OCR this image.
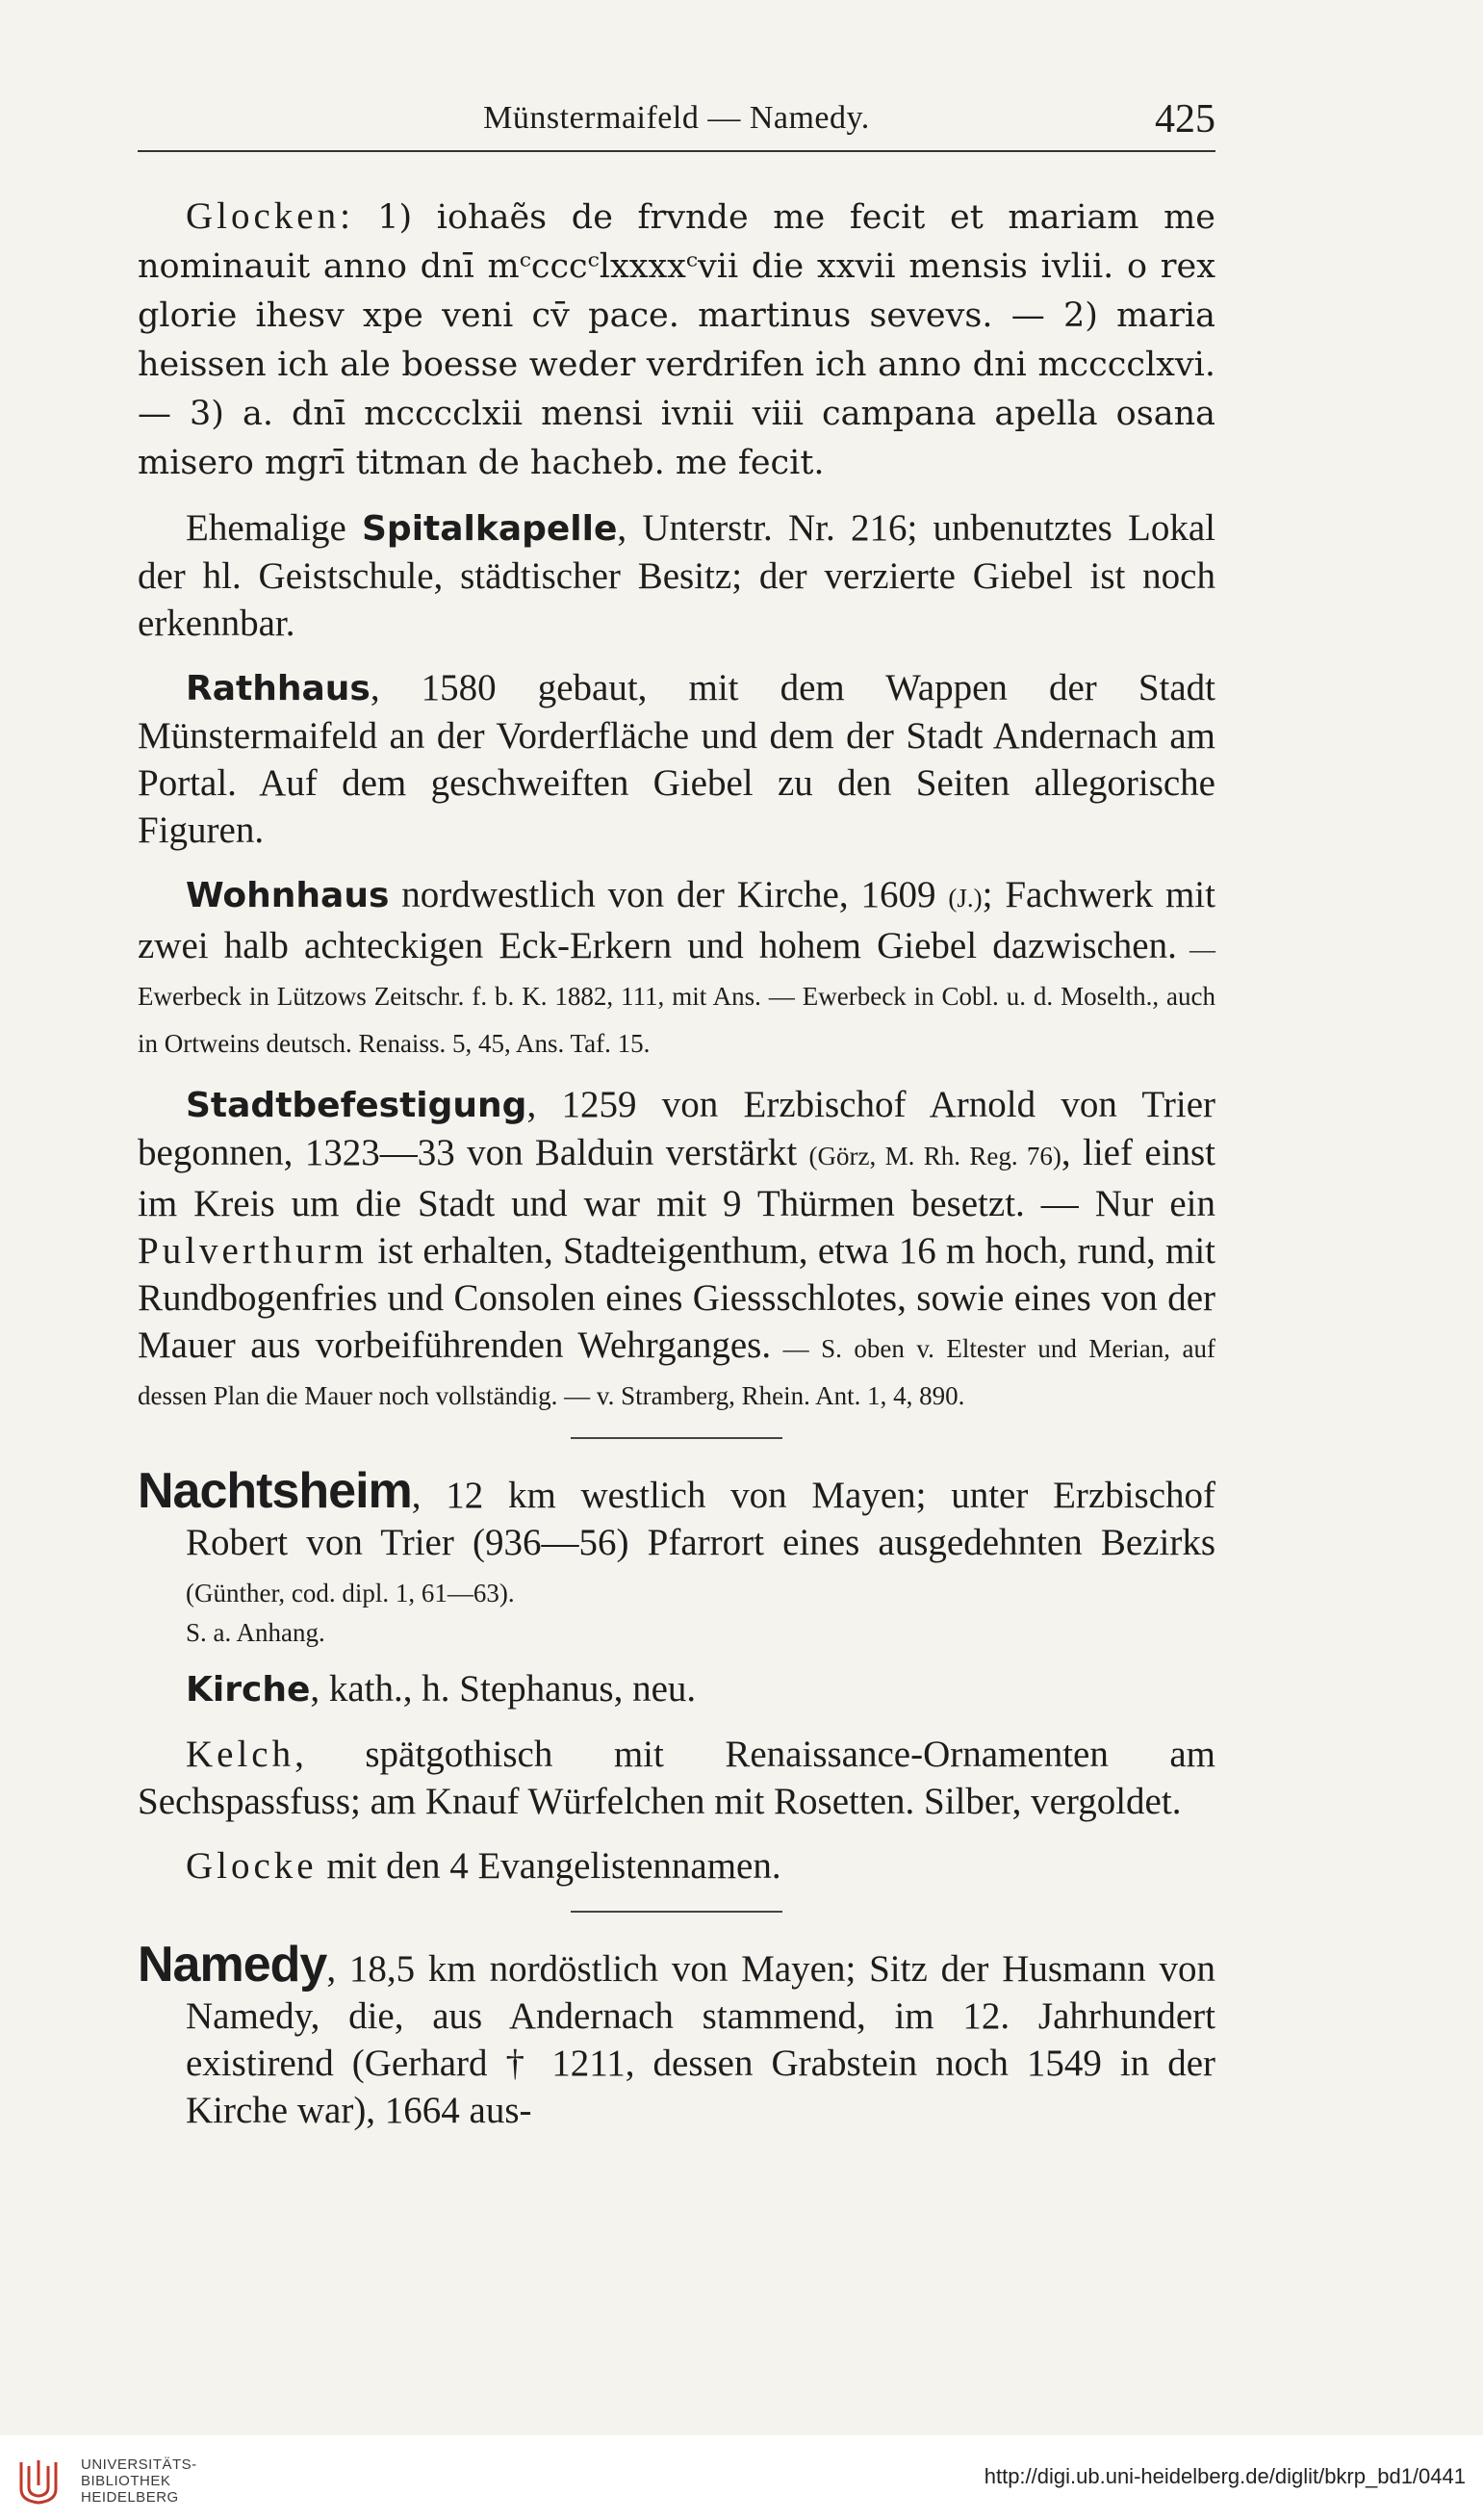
Münstermaifeld — Namedy.	425

Glocken: 1) iohaẽs de frvnde me fecit et mariam me nominauit anno dnī mᶜcccᶜlxxxxᶜvii die xxvii mensis ivlii. o rex glorie ihesv xpe veni cv̄ pace. martinus sevevs. — 2) maria heissen ich ale boesse weder verdrifen ich anno dni mcccclxvi. — 3) a. dnī mcccclxii mensi ivnii viii campana apella osana misero mgrī titman de hacheb. me fecit.

Ehemalige Spitalkapelle, Unterstr. Nr. 216; unbenutztes Lokal der hl. Geistschule, städtischer Besitz; der verzierte Giebel ist noch erkennbar.

Rathhaus, 1580 gebaut, mit dem Wappen der Stadt Münstermaifeld an der Vorderfläche und dem der Stadt Andernach am Portal. Auf dem geschweiften Giebel zu den Seiten allegorische Figuren.

Wohnhaus nordwestlich von der Kirche, 1609 (J.); Fachwerk mit zwei halb achteckigen Eck-Erkern und hohem Giebel dazwischen. — Ewerbeck in Lützows Zeitschr. f. b. K. 1882, 111, mit Ans. — Ewerbeck in Cobl. u. d. Moselth., auch in Ortweins deutsch. Renaiss. 5, 45, Ans. Taf. 15.

Stadtbefestigung, 1259 von Erzbischof Arnold von Trier begonnen, 1323—33 von Balduin verstärkt (Görz, M. Rh. Reg. 76), lief einst im Kreis um die Stadt und war mit 9 Thürmen besetzt. — Nur ein Pulverthurm ist erhalten, Stadteigenthum, etwa 16 m hoch, rund, mit Rundbogenfries und Consolen eines Giessschlotes, sowie eines von der Mauer aus vorbeiführenden Wehrganges. — S. oben v. Eltester und Merian, auf dessen Plan die Mauer noch vollständig. — v. Stramberg, Rhein. Ant. 1, 4, 890.

Nachtsheim, 12 km westlich von Mayen; unter Erzbischof Robert von Trier (936—56) Pfarrort eines ausgedehnten Bezirks (Günther, cod. dipl. 1, 61—63).

S. a. Anhang.

Kirche, kath., h. Stephanus, neu.

Kelch, spätgothisch mit Renaissance-Ornamenten am Sechspassfuss; am Knauf Würfelchen mit Rosetten. Silber, vergoldet.

Glocke mit den 4 Evangelistennamen.

Namedy, 18,5 km nordöstlich von Mayen; Sitz der Husmann von Namedy, die, aus Andernach stammend, im 12. Jahrhundert existirend (Gerhard † 1211, dessen Grabstein noch 1549 in der Kirche war), 1664 aus-

UNIVERSITÄTS-
BIBLIOTHEK
HEIDELBERG
http://digi.ub.uni-heidelberg.de/diglit/bkrp_bd1/0441
